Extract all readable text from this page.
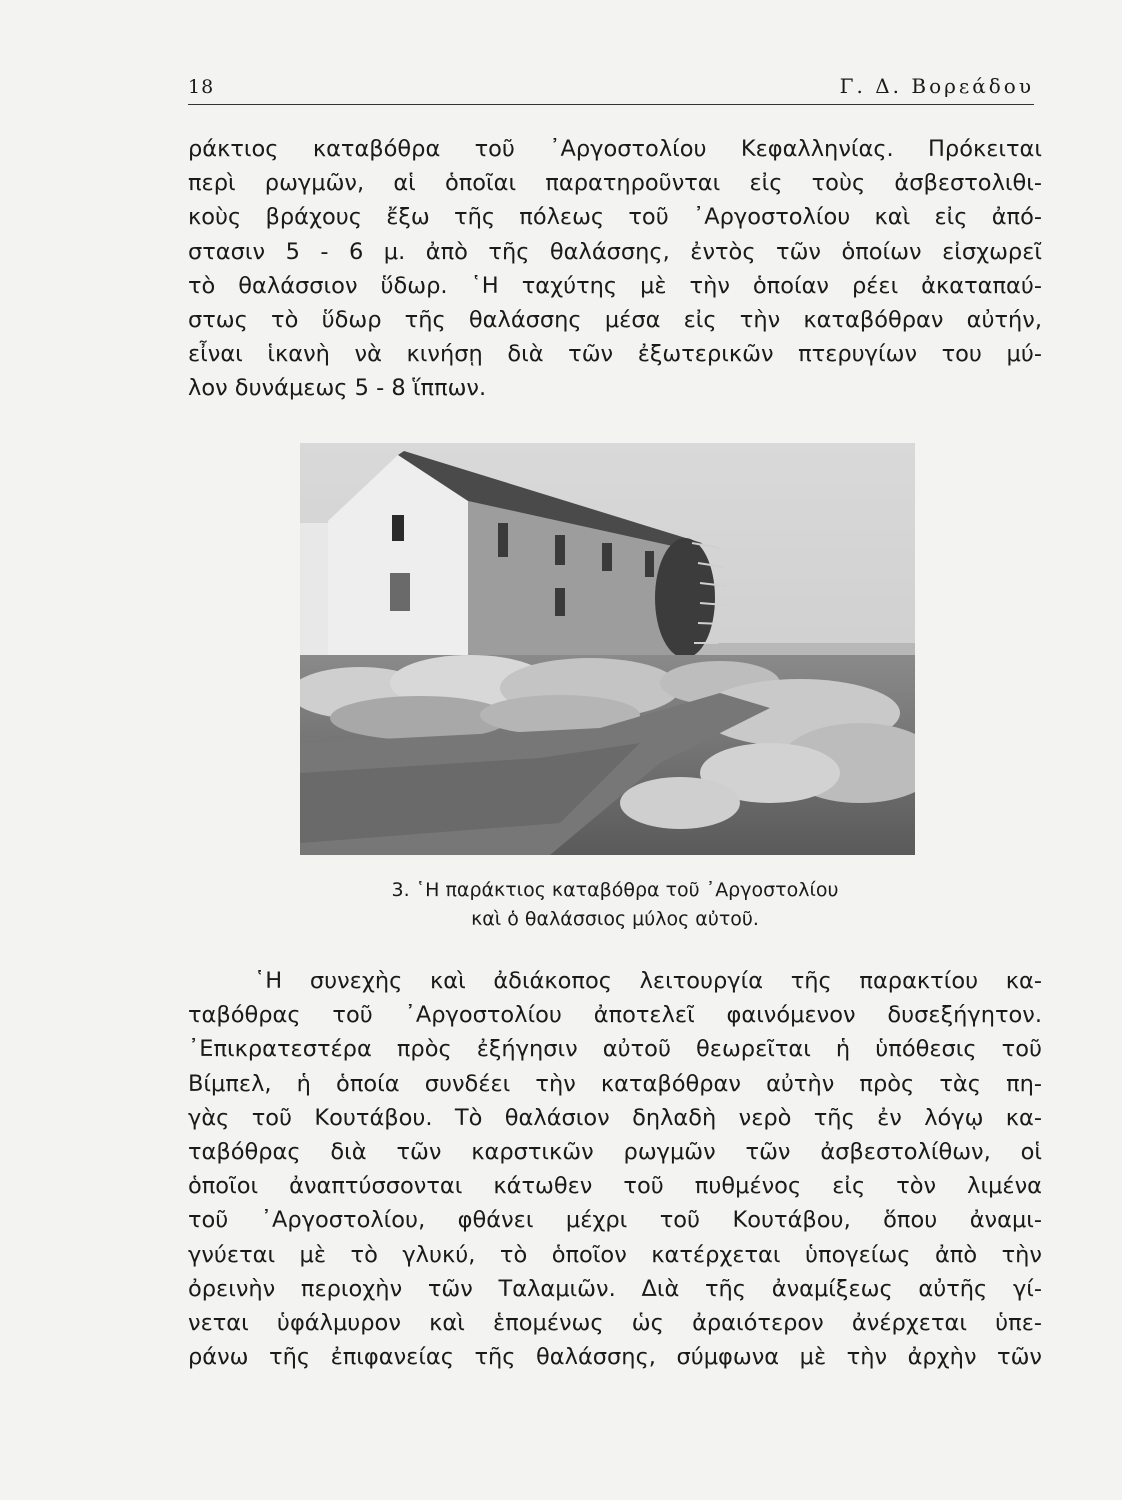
18	Γ. Δ. Βορεάδου
ράκτιος καταβόθρα τοῦ ᾿Αργοστολίου Κεφαλληνίας. Πρόκειται
περὶ ρωγμῶν, αἱ ὁποῖαι παρατηροῦνται εἰς τοὺς ἀσβεστολιθι-
κοὺς βράχους ἔξω τῆς πόλεως τοῦ ᾿Αργοστολίου καὶ εἰς ἀπό-
στασιν 5 - 6 μ. ἀπὸ τῆς θαλάσσης, ἐντὸς τῶν ὁποίων εἰσχωρεῖ
τὸ θαλάσσιον ὕδωρ. ῾Η ταχύτης μὲ τὴν ὁποίαν ρέει ἀκαταπαύ-
στως τὸ ὕδωρ τῆς θαλάσσης μέσα εἰς τὴν καταβόθραν αὐτήν,
εἶναι ἱκανὴ νὰ κινήσῃ διὰ τῶν ἐξωτερικῶν πτερυγίων του μύ-
λον δυνάμεως 5 - 8 ἵππων.
3. ῾Η παράκτιος καταβόθρα τοῦ ᾿Αργοστολίου
καὶ ὁ θαλάσσιος μύλος αὐτοῦ.
῾Η συνεχὴς καὶ ἀδιάκοπος λειτουργία τῆς παρακτίου κα-
ταβόθρας τοῦ ᾿Αργοστολίου ἀποτελεῖ φαινόμενον δυσεξήγητον.
᾿Επικρατεστέρα πρὸς ἐξήγησιν αὐτοῦ θεωρεῖται ἡ ὑπόθεσις τοῦ
Βίμπελ, ἡ ὁποία συνδέει τὴν καταβόθραν αὐτὴν πρὸς τὰς πη-
γὰς τοῦ Κουτάβου. Τὸ θαλάσιον δηλαδὴ νερὸ τῆς ἐν λόγῳ κα-
ταβόθρας διὰ τῶν καρστικῶν ρωγμῶν τῶν ἀσβεστολίθων, οἱ
ὁποῖοι ἀναπτύσσονται κάτωθεν τοῦ πυθμένος εἰς τὸν λιμένα
τοῦ ᾿Αργοστολίου, φθάνει μέχρι τοῦ Κουτάβου, ὅπου ἀναμι-
γνύεται μὲ τὸ γλυκύ, τὸ ὁποῖον κατέρχεται ὑπογείως ἀπὸ τὴν
ὀρεινὴν περιοχὴν τῶν Ταλαμιῶν. Διὰ τῆς ἀναμίξεως αὐτῆς γί-
νεται ὑφάλμυρον καὶ ἑπομένως ὡς ἀραιότερον ἀνέρχεται ὑπε-
ράνω τῆς ἐπιφανείας τῆς θαλάσσης, σύμφωνα μὲ τὴν ἀρχὴν τῶν
